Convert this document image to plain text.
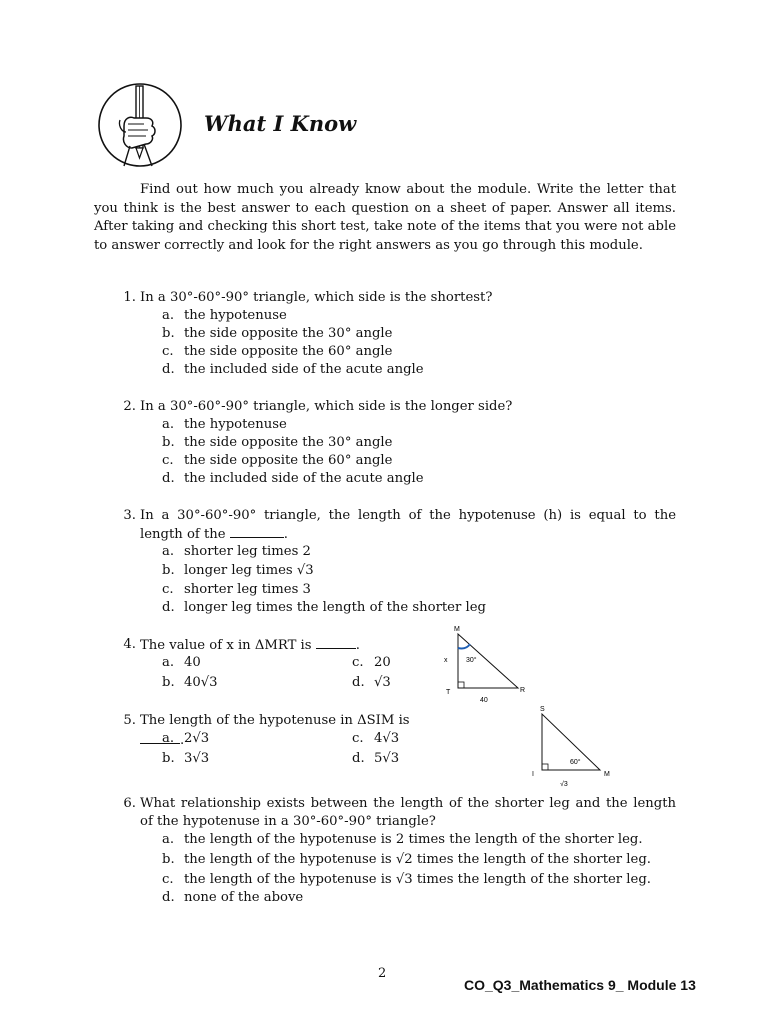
What I Know

Find out how much you already know about the module. Write the letter that you think is the best answer to each question on a sheet of paper. Answer all items. After taking and checking this short test, take note of the items that you were not able to answer correctly and look for the right answers as you go through this module.

1. In a 30°-60°-90° triangle, which side is the shortest?
a. the hypotenuse
b. the side opposite the 30° angle
c. the side opposite the 60° angle
d. the included side of the acute angle
2. In a 30°-60°-90° triangle, which side is the longer side?
a. the hypotenuse
b. the side opposite the 30° angle
c. the side opposite the 60° angle
d. the included side of the acute angle
3. In a 30°-60°-90° triangle, the length of the hypotenuse (h) is equal to the
length of the	.
a. shorter leg times 2
b. longer leg times √3
c. shorter leg times 3
d. longer leg times the length of the shorter leg
4. The value of x in ΔMRT is	.
a. 40
b. 40√3
c. 20
d. √3
M
x	30°
T	R
40
5. The length of the hypotenuse in ΔSIM is .
a. 2√3
b. 3√3
c. 4√3
d. 5√3
S
60°
I	M
√3
6. What relationship exists between the length of the shorter leg and the length
of the hypotenuse in a 30°-60°-90° triangle?
a. the length of the hypotenuse is 2 times the length of the shorter leg.
b. the length of the hypotenuse is √2 times the length of the shorter leg.
c. the length of the hypotenuse is √3 times the length of the shorter leg.
d. none of the above
2
CO_Q3_Mathematics 9_ Module 13
